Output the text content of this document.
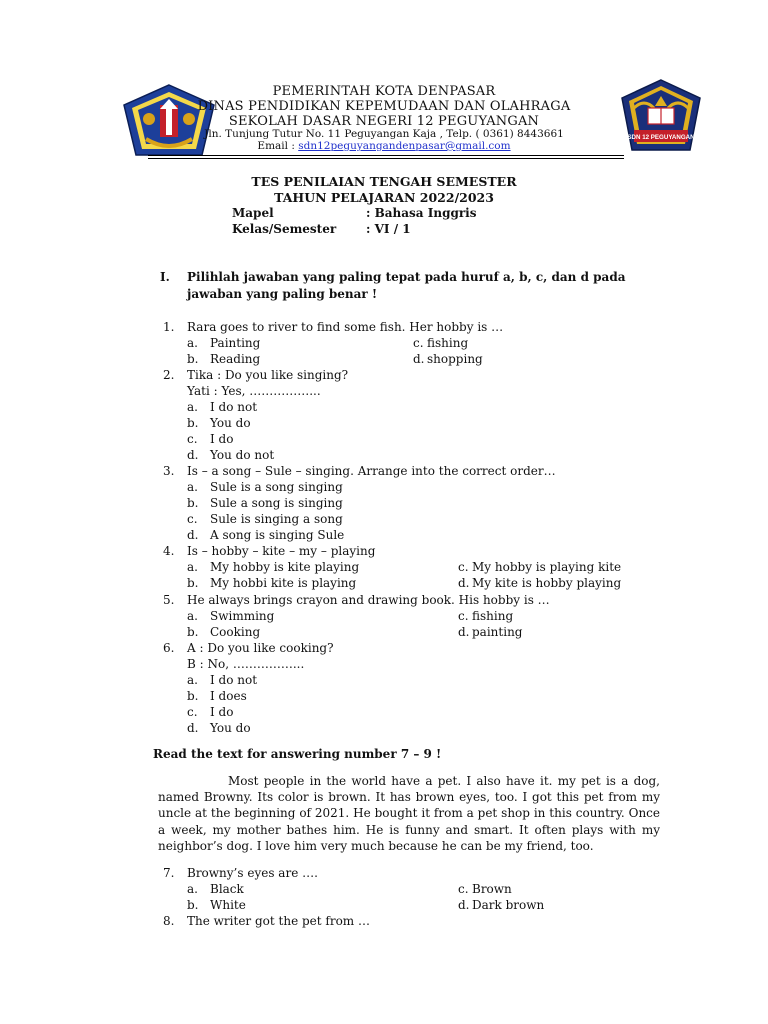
SDN 12 PEGUYANGAN
PEMERINTAH KOTA DENPASAR
DINAS PENDIDIKAN KEPEMUDAAN DAN OLAHRAGA
SEKOLAH DASAR NEGERI 12 PEGUYANGAN
Jln. Tunjung Tutur No. 11 Peguyangan Kaja , Telp. ( 0361) 8443661
Email : sdn12peguyangandenpasar@gmail.com
TES PENILAIAN TENGAH SEMESTER
TAHUN PELAJARAN 2022/2023
Mapel	: Bahasa Inggris
Kelas/Semester : VI / 1
I. Pilihlah jawaban yang paling tepat pada huruf a, b, c, dan d pada
jawaban yang paling benar !
1. Rara goes to river to find some fish. Her hobby is …
a. Painting	c. fishing
b. Reading	d. shopping
2. Tika : Do you like singing?
Yati : Yes, ……………...
a. I do not
b. You do
c. I do
d. You do not
3. Is – a song – Sule – singing. Arrange into the correct order…
a. Sule is a song singing
b. Sule a song is singing
c. Sule is singing a song
d. A song is singing Sule
4. Is – hobby – kite – my – playing
a. My hobby is kite playing	c. My hobby is playing kite
b. My hobbi kite is playing	d. My kite is hobby playing
5. He always brings crayon and drawing book. His hobby is …
a. Swimming	c. fishing
b. Cooking	d. painting
6. A : Do you like cooking?
B : No, ……………...
a. I do not
b. I does
c. I do
d. You do
Read the text for answering number 7 – 9 !
Most people in the world have a pet. I also have it. my pet is a dog, named Browny. Its color is brown. It has brown eyes, too. I got this pet from my uncle at the beginning of 2021. He bought it from a pet shop in this country. Once a week, my mother bathes him. He is funny and smart. It often plays with my neighbor’s dog. I love him very much because he can be my friend, too.
7. Browny’s eyes are ….
a. Black	c. Brown
b. White	d. Dark brown
8. The writer got the pet from …
